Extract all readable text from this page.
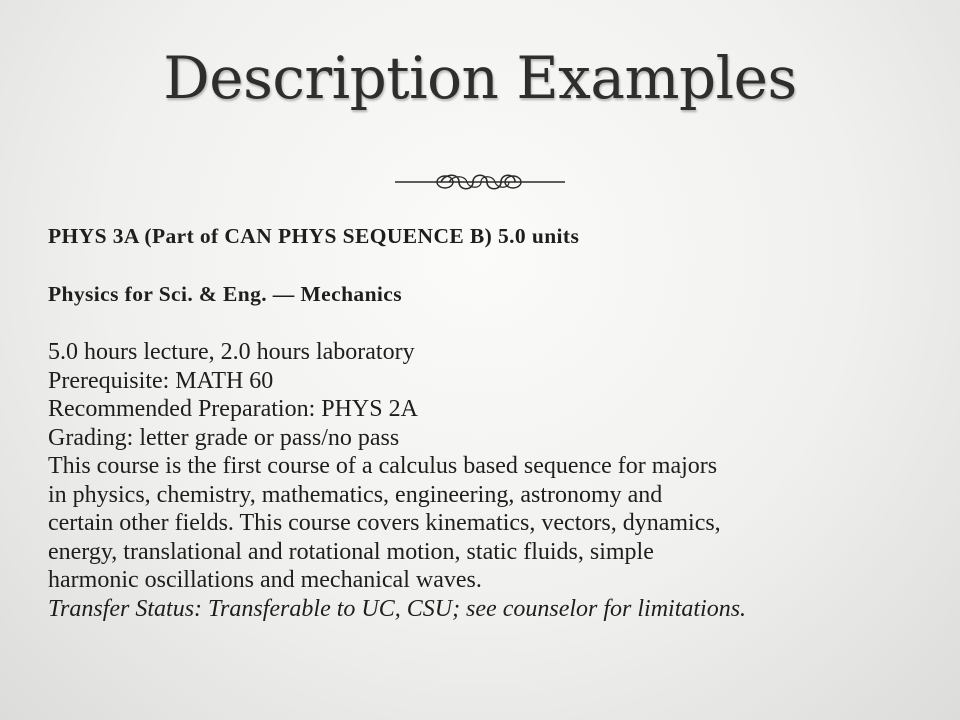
Description Examples

PHYS 3A (Part of CAN PHYS SEQUENCE B) 5.0 units

Physics for Sci. & Eng. — Mechanics

5.0 hours lecture, 2.0 hours laboratory
Prerequisite: MATH 60
Recommended Preparation: PHYS 2A
Grading: letter grade or pass/no pass
This course is the first course of a calculus based sequence for majors
in physics, chemistry, mathematics, engineering, astronomy and
certain other fields. This course covers kinematics, vectors, dynamics,
energy, translational and rotational motion, static fluids, simple
harmonic oscillations and mechanical waves.
Transfer Status: Transferable to UC, CSU; see counselor for limitations.
